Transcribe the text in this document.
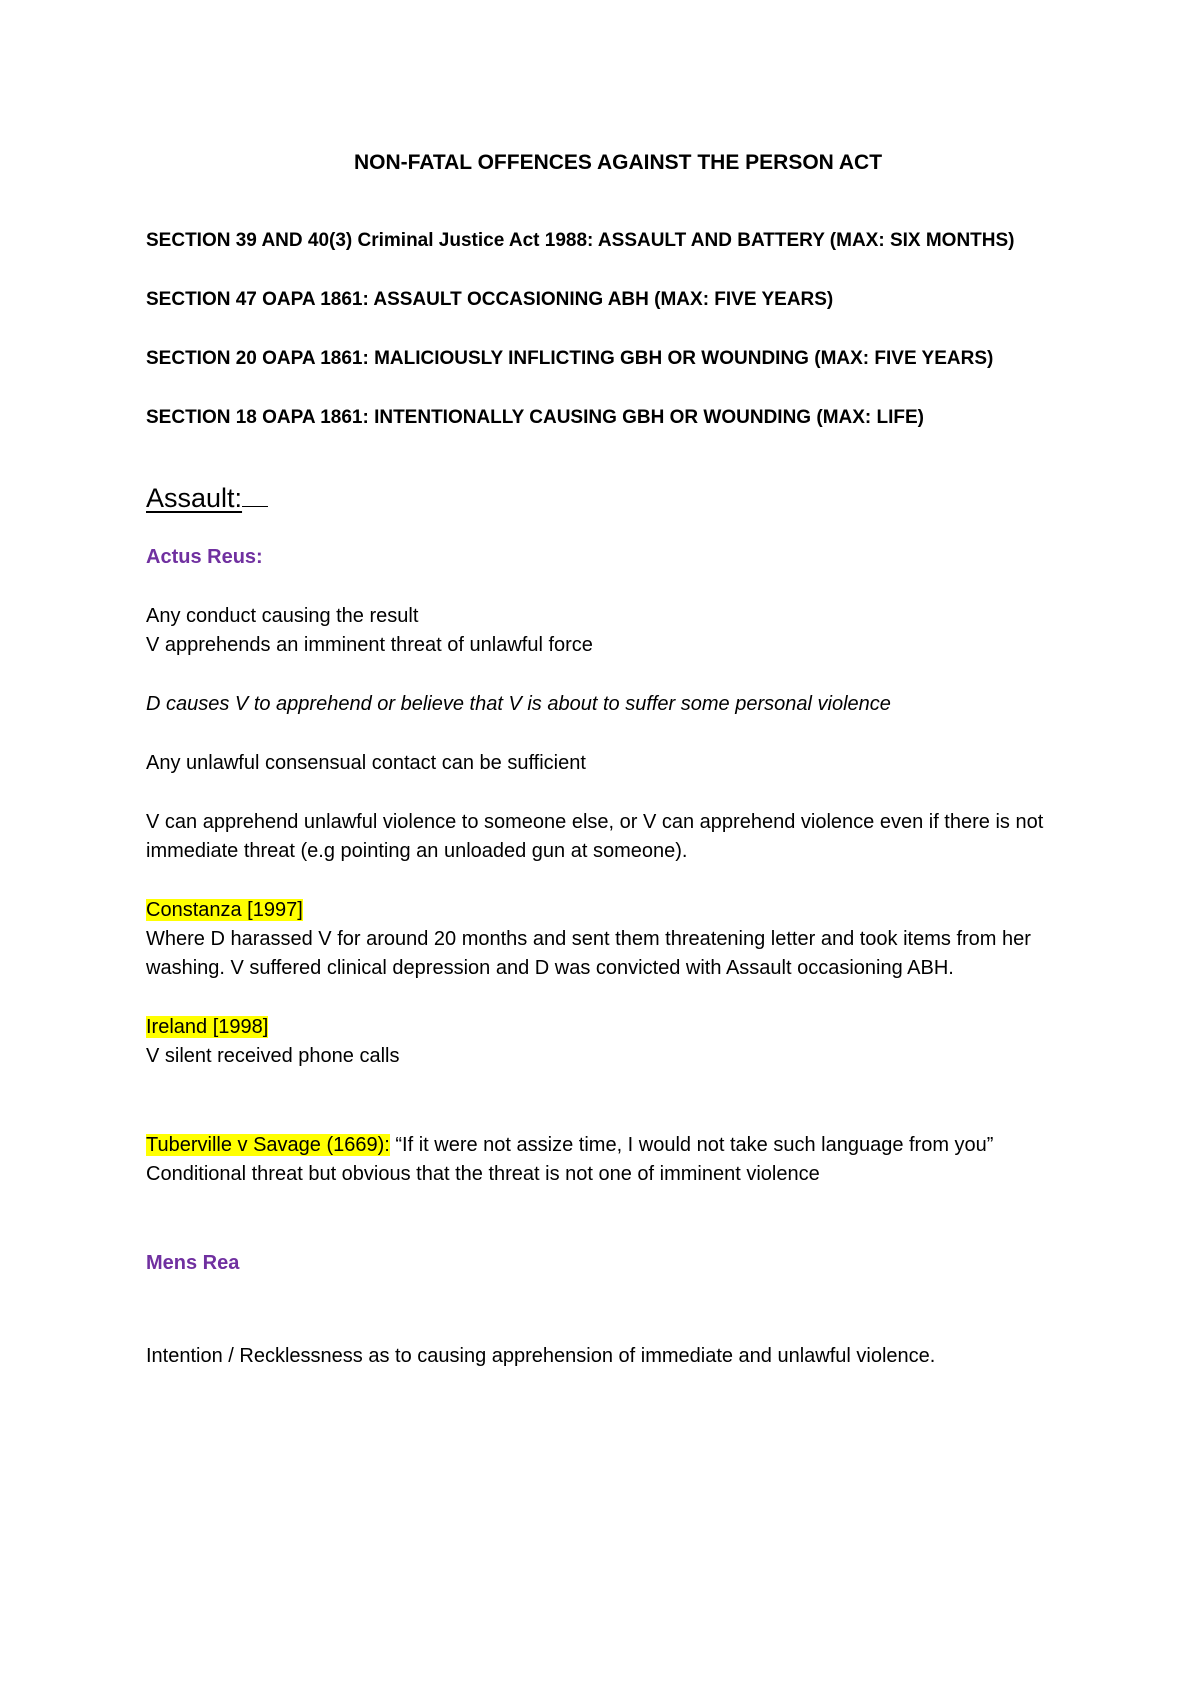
NON-FATAL OFFENCES AGAINST THE PERSON ACT
SECTION 39 AND 40(3) Criminal Justice Act 1988: ASSAULT AND BATTERY (MAX: SIX MONTHS)
SECTION 47 OAPA 1861: ASSAULT OCCASIONING ABH (MAX: FIVE YEARS)
SECTION 20 OAPA 1861: MALICIOUSLY INFLICTING GBH OR WOUNDING (MAX: FIVE YEARS)
SECTION 18 OAPA 1861: INTENTIONALLY CAUSING GBH OR WOUNDING (MAX: LIFE)
Assault:
Actus Reus:
Any conduct causing the result
V apprehends an imminent threat of unlawful force
D causes V to apprehend or believe that V is about to suffer some personal violence
Any unlawful consensual contact can be sufficient
V can apprehend unlawful violence to someone else, or V can apprehend violence even if there is not immediate threat (e.g pointing an unloaded gun at someone).
Constanza [1997]
Where D harassed V for around 20 months and sent them threatening letter and took items from her washing. V suffered clinical depression and D was convicted with Assault occasioning ABH.
Ireland [1998]
V silent received phone calls
Tuberville v Savage (1669): “If it were not assize time, I would not take such language from you”
Conditional threat but obvious that the threat is not one of imminent violence
Mens Rea
Intention / Recklessness as to causing apprehension of immediate and unlawful violence.
